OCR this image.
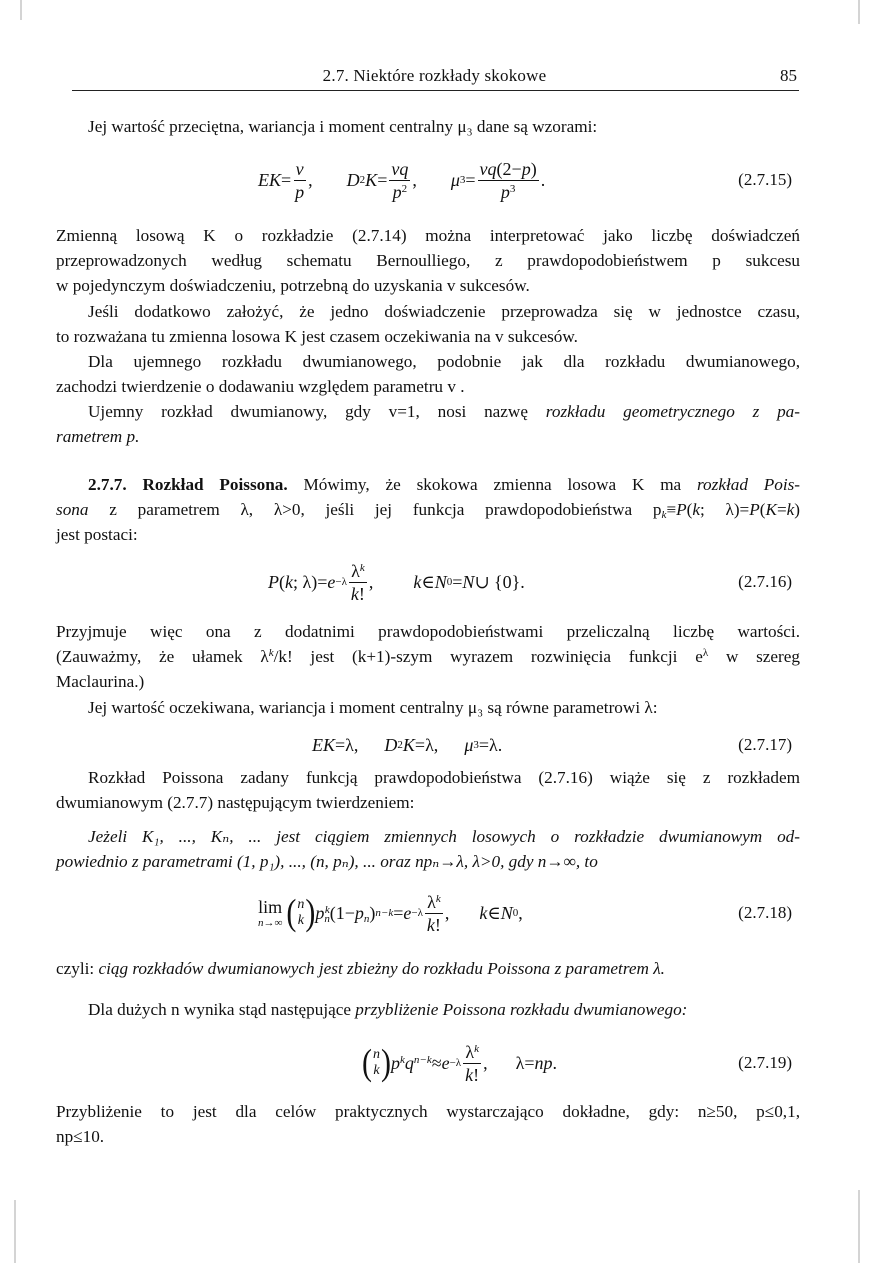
2.7. Niektóre rozkłady skokowe	85

Jej wartość przeciętna, wariancja i moment centralny μ₃ dane są wzorami:

EK = $\frac{v}{p}$ , D 2 $K = \frac{vq}{p^2}$ , μ $3 = \frac{vq(2-p)}{p^3}$ .	(2.7.15)

Zmienną losową K o rozkładzie (2.7.14) można interpretować jako liczbę doświadczeń
przeprowadzonych według schematu Bernoulliego, z prawdopodobieństwem p sukcesu
w pojedynczym doświadczeniu, potrzebną do uzyskania v sukcesów.

Jeśli dodatkowo założyć, że jedno doświadczenie przeprowadza się w jednostce czasu,

to rozważana tu zmienna losowa K jest czasem oczekiwania na v sukcesów.

Dla ujemnego rozkładu dwumianowego, podobnie jak dla rozkładu dwumianowego,

zachodzi twierdzenie o dodawaniu względem parametru v .

Ujemny rozkład dwumianowy, gdy v=1, nosi nazwę rozkładu geometrycznego z pa-

rametrem p.

2.7.7. Rozkład Poissona. Mówimy, że skokowa zmienna losowa K ma rozkład Pois-

sona z parametrem λ, λ>0, jeśli jej funkcja prawdopodobieństwa $p_k\equiv P(k$; λ)=P(K=k)
jest postaci:

P ( k ; $\lambda)= e -\lambda \frac{\lambda^k}{k!}$ , k ∈ N 0 = N ∪ {0}.	(2.7.16)

Przyjmuje więc ona z dodatnimi prawdopodobieństwami przeliczalną liczbę wartości.
(Zauważmy, że ułamek $\lambda^k/k$! jest (k+1)-szym wyrazem rozwinięcia funkcji $e^\lambda$ w szereg
Maclaurina.)

Jej wartość oczekiwana, wariancja i moment centralny μ₃ są równe parametrowi λ:

EK =λ, D 2 K =λ, μ 3 =λ.	(2.7.17)

Rozkład Poissona zadany funkcją prawdopodobieństwa (2.7.16) wiąże się z rozkładem

dwumianowym (2.7.7) następującym twierdzeniem:

Jeżeli K₁, ..., Kₙ, ... jest ciągiem zmiennych losowych o rozkładzie dwumianowym od-

powiednio z parametrami (1, p₁), ..., (n, pₙ), ... oraz npₙ→λ, λ>0, gdy n→∞, to

lim
n→∞ ( n
k ) $p_n^k$ ($1- p_n$ ) $n-k = e -\lambda \frac{\lambda^k}{k!}$ , k ∈ N 0 ,	(2.7.18)

czyli: ciąg rozkładów dwumianowych jest zbieżny do rozkładu Poissona z parametrem λ.

Dla dużych n wynika stąd następujące przybliżenie Poissona rozkładu dwumianowego:

( n
k ) $p^kq^{n-k} \approx e -\lambda \frac{\lambda^k}{k!}$ ,
λ= np .	(2.7.19)

Przybliżenie to jest dla celów praktycznych wystarczająco dokładne, gdy: n≥50, p≤0,1,
np≤10.
